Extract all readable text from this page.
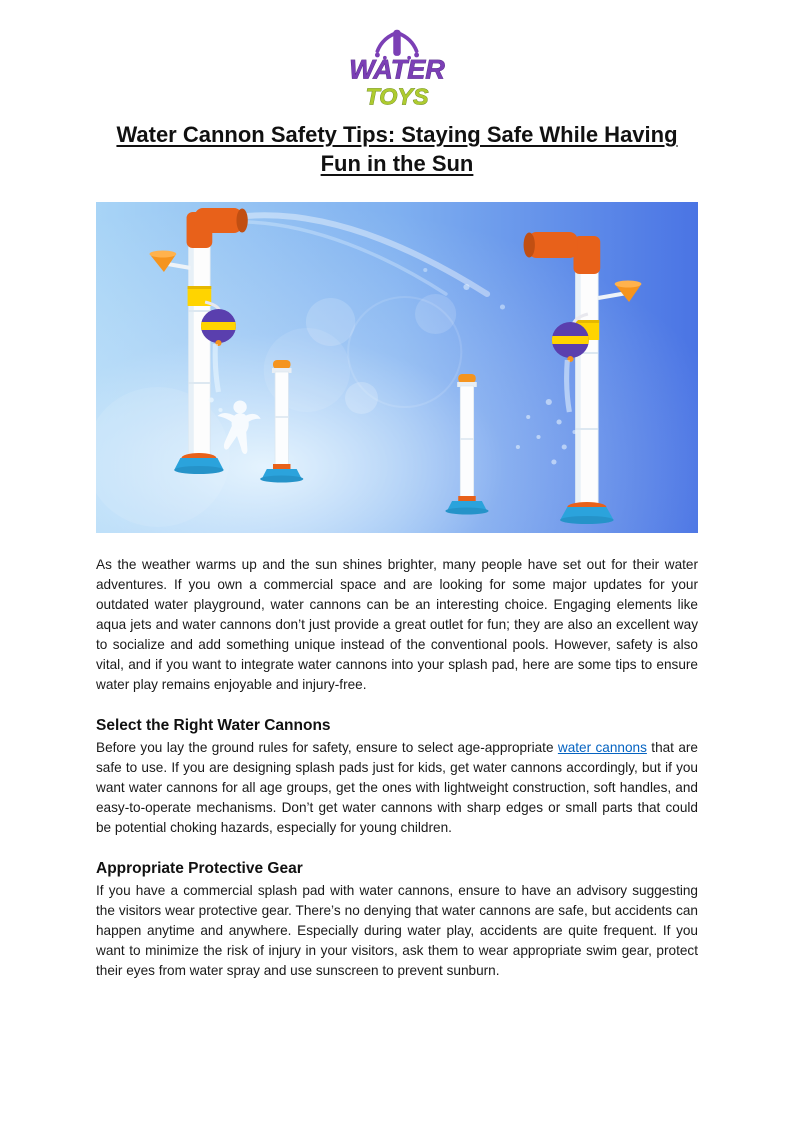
WATER
TOYS
Water Cannon Safety Tips: Staying Safe While Having Fun in the Sun

As the weather warms up and the sun shines brighter, many people have set out for their water adventures. If you own a commercial space and are looking for some major updates for your outdated water playground, water cannons can be an interesting choice. Engaging elements like aqua jets and water cannons don’t just provide a great outlet for fun; they are also an excellent way to socialize and add something unique instead of the conventional pools. However, safety is also vital, and if you want to integrate water cannons into your splash pad, here are some tips to ensure water play remains enjoyable and injury-free.

Select the Right Water Cannons

Before you lay the ground rules for safety, ensure to select age-appropriate water cannons that are safe to use. If you are designing splash pads just for kids, get water cannons accordingly, but if you want water cannons for all age groups, get the ones with lightweight construction, soft handles, and easy-to-operate mechanisms. Don’t get water cannons with sharp edges or small parts that could be potential choking hazards, especially for young children.

Appropriate Protective Gear

If you have a commercial splash pad with water cannons, ensure to have an advisory suggesting the visitors wear protective gear. There’s no denying that water cannons are safe, but accidents can happen anytime and anywhere. Especially during water play, accidents are quite frequent. If you want to minimize the risk of injury in your visitors, ask them to wear appropriate swim gear, protect their eyes from water spray and use sunscreen to prevent sunburn.
